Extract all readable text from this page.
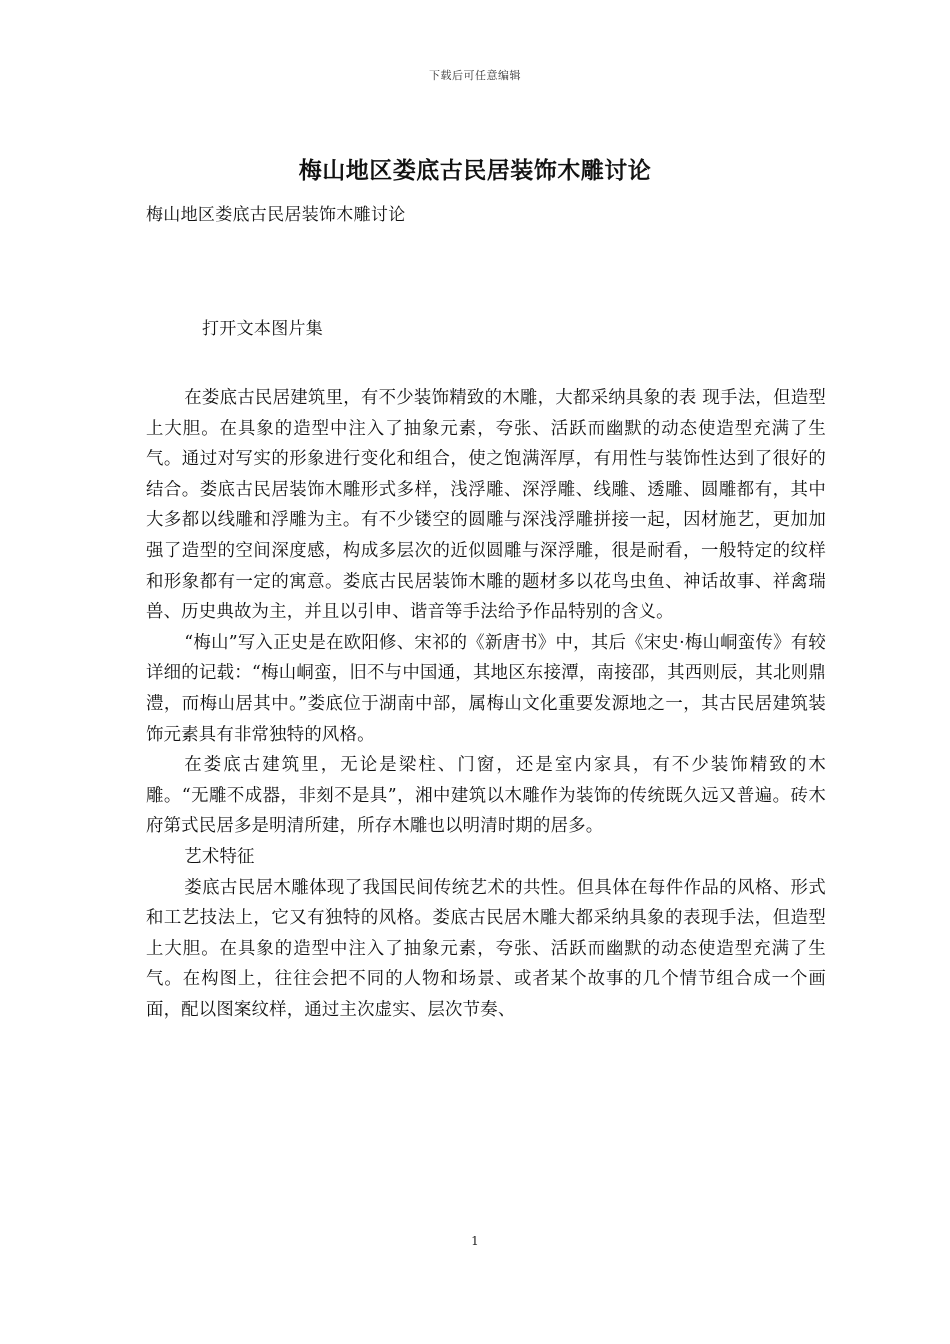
下载后可任意编辑
梅山地区娄底古民居装饰木雕讨论
梅山地区娄底古民居装饰木雕讨论
打开文本图片集

在娄底古民居建筑里，有不少装饰精致的木雕，大都采纳具象的表 现手法，但造型上大胆。在具象的造型中注入了抽象元素，夸张、活跃而幽默的动态使造型充满了生气。通过对写实的形象进行变化和组合，使之饱满浑厚，有用性与装饰性达到了很好的结合。娄底古民居装饰木雕形式多样，浅浮雕、深浮雕、线雕、透雕、圆雕都有，其中大多都以线雕和浮雕为主。有不少镂空的圆雕与深浅浮雕拼接一起，因材施艺，更加加强了造型的空间深度感，构成多层次的近似圆雕与深浮雕，很是耐看，一般特定的纹样和形象都有一定的寓意。娄底古民居装饰木雕的题材多以花鸟虫鱼、神话故事、祥禽瑞兽、历史典故为主，并且以引申、谐音等手法给予作品特别的含义。

“梅山”写入正史是在欧阳修、宋祁的《新唐书》中，其后《宋史·梅山峒蛮传》有较详细的记载：“梅山峒蛮，旧不与中国通，其地区东接潭，南接邵，其西则辰，其北则鼎澧，而梅山居其中。”娄底位于湖南中部，属梅山文化重要发源地之一，其古民居建筑装饰元素具有非常独特的风格。

在娄底古建筑里，无论是梁柱、门窗，还是室内家具，有不少装饰精致的木雕。“无雕不成器，非刻不是具”，湘中建筑以木雕作为装饰的传统既久远又普遍。砖木府第式民居多是明清所建，所存木雕也以明清时期的居多。

艺术特征

娄底古民居木雕体现了我国民间传统艺术的共性。但具体在每件作品的风格、形式和工艺技法上，它又有独特的风格。娄底古民居木雕大都采纳具象的表现手法，但造型上大胆。在具象的造型中注入了抽象元素，夸张、活跃而幽默的动态使造型充满了生气。在构图上，往往会把不同的人物和场景、或者某个故事的几个情节组合成一个画面，配以图案纹样，通过主次虚实、层次节奏、

1
